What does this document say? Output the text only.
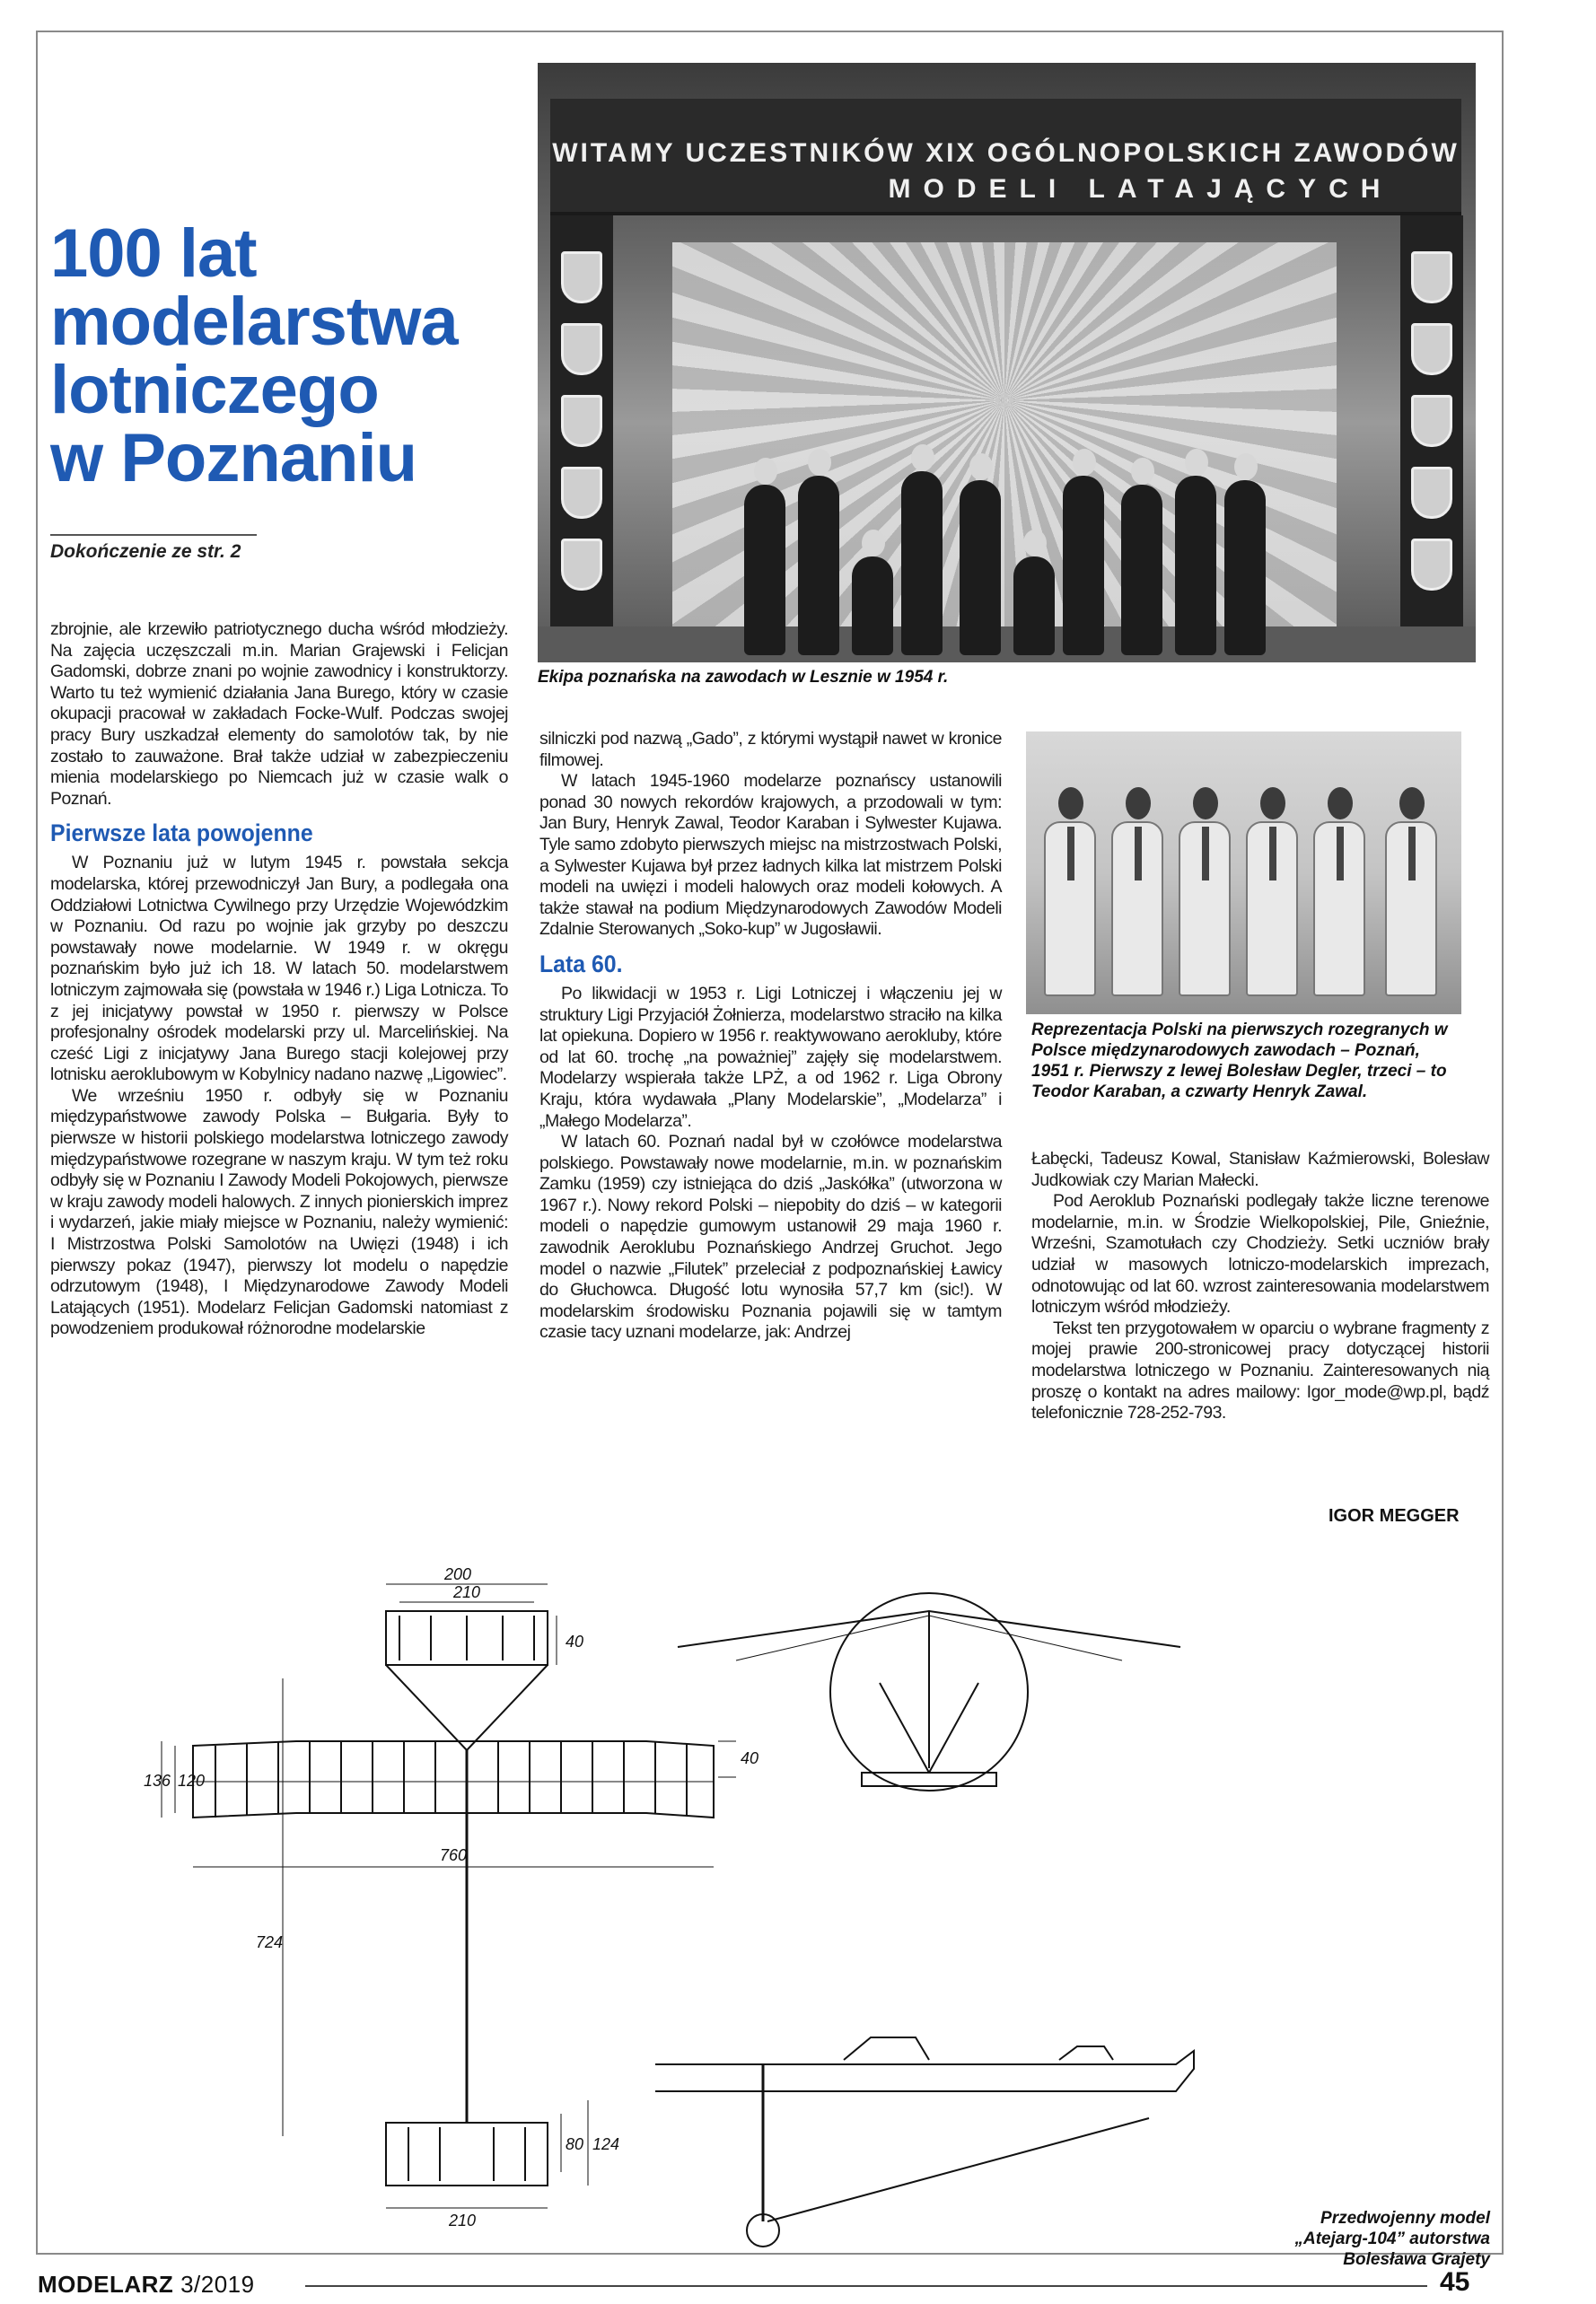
100 lat
modelarstwa
lotniczego
w Poznaniu
Dokończenie ze str. 2
WITAMY UCZESTNIKÓW XIX OGÓLNOPOLSKICH ZAWODÓW
MODELI LATAJĄCYCH
Ekipa poznańska na zawodach w Lesznie w 1954 r.
Reprezentacja Polski na pierwszych rozegranych w Polsce międzynarodowych zawodach – Poznań, 1951 r. Pierwszy z lewej Bolesław Degler, trzeci – to Teodor Karaban, a czwarty Henryk Zawal.

zbrojnie, ale krzewiło patriotycznego ducha wśród młodzieży. Na zajęcia uczęszczali m.in. Marian Grajewski i Felicjan Gadomski, dobrze znani po wojnie zawodnicy i konstruktorzy. Warto tu też wymienić działania Jana Burego, który w czasie okupacji pracował w zakładach Focke-Wulf. Podczas swojej pracy Bury uszkadzał elementy do samolotów tak, by nie zostało to zauważone. Brał także udział w zabezpieczeniu mienia modelarskiego po Niemcach już w czasie walk o Poznań.

Pierwsze lata powojenne

W Poznaniu już w lutym 1945 r. powstała sekcja modelarska, której przewodniczył Jan Bury, a podlegała ona Oddziałowi Lotnictwa Cywilnego przy Urzędzie Wojewódzkim w Poznaniu. Od razu po wojnie jak grzyby po deszczu powstawały nowe modelarnie. W 1949 r. w okręgu poznańskim było już ich 18. W latach 50. modelarstwem lotniczym zajmowała się (powstała w 1946 r.) Liga Lotnicza. To z jej inicjatywy powstał w 1950 r. pierwszy w Polsce profesjonalny ośrodek modelarski przy ul. Marcelińskiej. Na cześć Ligi z inicjatywy Jana Burego stacji kolejowej przy lotnisku aeroklubowym w Kobylnicy nadano nazwę „Ligowiec”.

We wrześniu 1950 r. odbyły się w Poznaniu międzypaństwowe zawody Polska – Bułgaria. Były to pierwsze w historii polskiego modelarstwa lotniczego zawody międzypaństwowe rozegrane w naszym kraju. W tym też roku odbyły się w Poznaniu I Zawody Modeli Pokojowych, pierwsze w kraju zawody modeli halowych. Z innych pionierskich imprez i wydarzeń, jakie miały miejsce w Poznaniu, należy wymienić: I Mistrzostwa Polski Samolotów na Uwięzi (1948) i ich pierwszy pokaz (1947), pierwszy lot modelu o napędzie odrzutowym (1948), I Międzynarodowe Zawody Modeli Latających (1951). Modelarz Felicjan Gadomski natomiast z powodzeniem produkował różnorodne modelarskie

silniczki pod nazwą „Gado”, z którymi wystąpił nawet w kronice filmowej.

W latach 1945-1960 modelarze poznańscy ustanowili ponad 30 nowych rekordów krajowych, a przodowali w tym: Jan Bury, Henryk Zawal, Teodor Karaban i Sylwester Kujawa. Tyle samo zdobyto pierwszych miejsc na mistrzostwach Polski, a Sylwester Kujawa był przez ładnych kilka lat mistrzem Polski modeli na uwięzi i modeli halowych oraz modeli kołowych. A także stawał na podium Międzynarodowych Zawodów Modeli Zdalnie Sterowanych „Soko-kup” w Jugosławii.

Lata 60.

Po likwidacji w 1953 r. Ligi Lotniczej i włączeniu jej w struktury Ligi Przyjaciół Żołnierza, modelarstwo straciło na kilka lat opiekuna. Dopiero w 1956 r. reaktywowano aerokluby, które od lat 60. trochę „na poważniej” zajęły się modelarstwem. Modelarzy wspierała także LPŻ, a od 1962 r. Liga Obrony Kraju, która wydawała „Plany Modelarskie”, „Modelarza” i „Małego Modelarza”.

W latach 60. Poznań nadal był w czołówce modelarstwa polskiego. Powstawały nowe modelarnie, m.in. w poznańskim Zamku (1959) czy istniejąca do dziś „Jaskółka” (utworzona w 1967 r.). Nowy rekord Polski – niepobity do dziś – w kategorii modeli o napędzie gumowym ustanowił 29 maja 1960 r. zawodnik Aeroklubu Poznańskiego Andrzej Gruchot. Jego model o nazwie „Filutek” przeleciał z podpoznańskiej Ławicy do Głuchowca. Długość lotu wynosiła 57,7 km (sic!). W modelarskim środowisku Poznania pojawili się w tamtym czasie tacy uznani modelarze, jak: Andrzej

Łabęcki, Tadeusz Kowal, Stanisław Kaźmierowski, Bolesław Judkowiak czy Marian Małecki.

Pod Aeroklub Poznański podlegały także liczne terenowe modelarnie, m.in. w Środzie Wielkopolskiej, Pile, Gnieźnie, Wrześni, Szamotułach czy Chodzieży. Setki uczniów brały udział w masowych lotniczo-modelarskich imprezach, odnotowując od lat 60. wzrost zainteresowania modelarstwem lotniczym wśród młodzieży.

Tekst ten przygotowałem w oparciu o wybrane fragmenty z mojej prawie 200-stronicowej pracy dotyczącej historii modelarstwa lotniczego w Poznaniu. Zainteresowanych nią proszę o kontakt na adres mailowy: Igor_mode@wp.pl, bądź telefonicznie 728-252-793.

IGOR MEGGER
200
210
40
40
136 120
760
724
80 124
210	Przedwojenny model
„Atejarg-104” autorstwa
Bolesława Grajety
MODELARZ 3/2019	45
